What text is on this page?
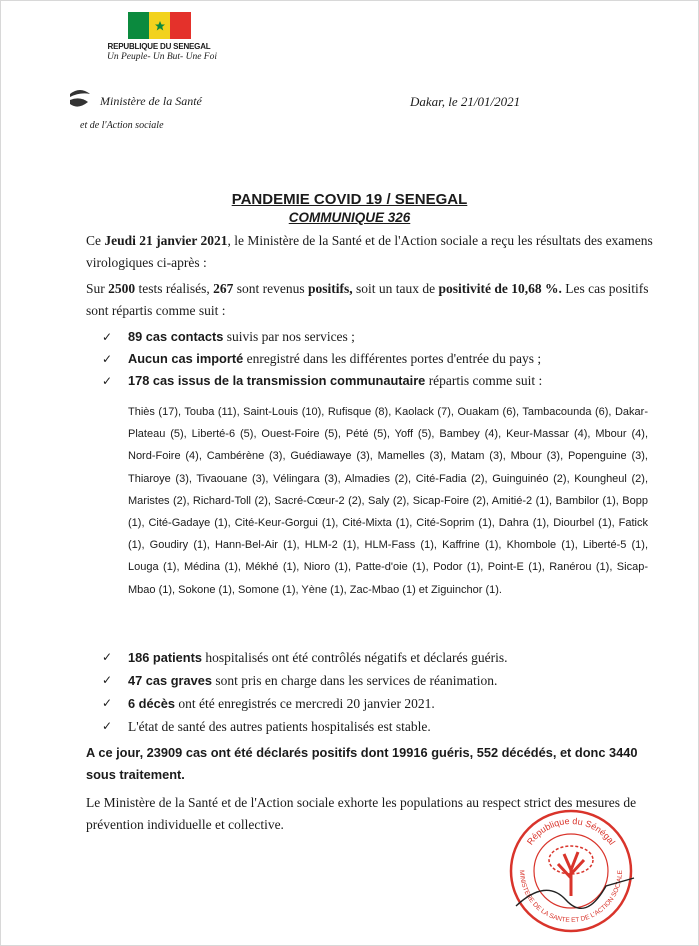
REPUBLIQUE DU SENEGAL
Un Peuple- Un But- Une Foi
Ministère de la Santé
et de l'Action sociale
Dakar, le 21/01/2021
PANDEMIE COVID 19 / SENEGAL
COMMUNIQUE 326
Ce Jeudi 21 janvier 2021, le Ministère de la Santé et de l'Action sociale a reçu les résultats des examens virologiques ci-après :
Sur 2500 tests réalisés, 267 sont revenus positifs, soit un taux de positivité de 10,68 %. Les cas positifs sont répartis comme suit :
✓	89 cas contacts suivis par nos services ;
✓	Aucun cas importé enregistré dans les différentes portes d'entrée du pays ;
✓	178 cas issus de la transmission communautaire répartis comme suit :
Thiès (17), Touba (11), Saint-Louis (10), Rufisque (8), Kaolack (7), Ouakam (6), Tambacounda (6), Dakar-Plateau (5), Liberté-6 (5), Ouest-Foire (5), Pété (5), Yoff (5), Bambey (4), Keur-Massar (4), Mbour (4), Nord-Foire (4), Cambérène (3), Guédiawaye (3), Mamelles (3), Matam (3), Mbour (3), Popenguine (3), Thiaroye (3), Tivaouane (3), Vélingara (3), Almadies (2), Cité-Fadia (2), Guinguinéo (2), Koungheul (2), Maristes (2), Richard-Toll (2), Sacré-Cœur-2 (2), Saly (2), Sicap-Foire (2), Amitié-2 (1), Bambilor (1), Bopp (1), Cité-Gadaye (1), Cité-Keur-Gorgui (1), Cité-Mixta (1), Cité-Soprim (1), Dahra (1), Diourbel (1), Fatick (1), Goudiry (1), Hann-Bel-Air (1), HLM-2 (1), HLM-Fass (1), Kaffrine (1), Khombole (1), Liberté-5 (1), Louga (1), Médina (1), Mékhé (1), Nioro (1), Patte-d'oie (1), Podor (1), Point-E (1), Ranérou (1), Sicap-Mbao (1), Sokone (1), Somone (1), Yène (1), Zac-Mbao (1) et Ziguinchor (1).
✓	186 patients hospitalisés ont été contrôlés négatifs et déclarés guéris.
✓	47 cas graves sont pris en charge dans les services de réanimation.
✓	6 décès ont été enregistrés ce mercredi 20 janvier 2021.
✓	L'état de santé des autres patients hospitalisés est stable.
A ce jour, 23909 cas ont été déclarés positifs dont 19916 guéris, 552 décédés, et donc 3440 sous traitement.
Le Ministère de la Santé et de l'Action sociale exhorte les populations au respect strict des mesures de prévention individuelle et collective.
République du Sénégal
MINISTERE DE LA SANTE ET DE L'ACTION SOCIALE
